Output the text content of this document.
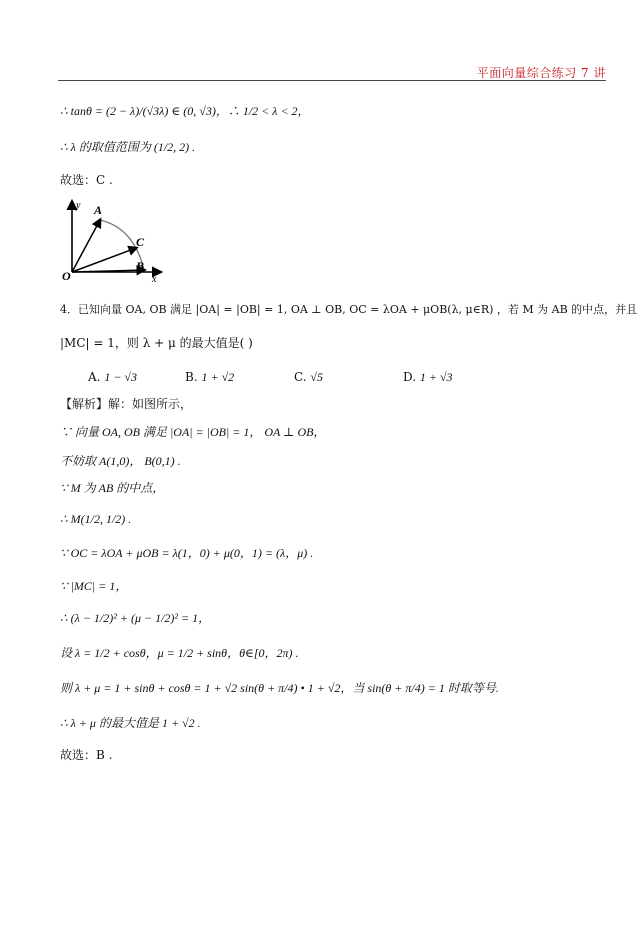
平面向量综合练习 7 讲
∴ tanθ = (2 − λ)/(√3λ) ∈ (0, √3)，∴ 1/2 < λ < 2，
∴ λ 的取值范围为 (1/2, 2) .
故选：C .
y
x
O
A
B
C
4．已知向量 OA, OB 满足 |OA| = |OB| = 1, OA ⊥ OB, OC = λOA + μOB(λ, μ∈R) ，若 M 为 AB 的中点，并且
|MC| = 1，则 λ + μ 的最大值是( )
A. 1 − √3	B. 1 + √2	C. √5	D. 1 + √3
【解析】解：如图所示，
∵ 向量 OA, OB 满足 |OA| = |OB| = 1， OA ⊥ OB，
不妨取 A(1,0)， B(0,1) .
∵ M 为 AB 的中点，
∴ M(1/2, 1/2) .
∵ OC = λOA + μOB = λ(1，0) + μ(0，1) = (λ，μ) .
∵ |MC| = 1，
∴ (λ − 1/2)² + (μ − 1/2)² = 1，
设 λ = 1/2 + cosθ，μ = 1/2 + sinθ，θ∈[0，2π) .
则 λ + μ = 1 + sinθ + cosθ = 1 + √2 sin(θ + π/4) • 1 + √2，当 sin(θ + π/4) = 1 时取等号.
∴ λ + μ 的最大值是 1 + √2 .
故选：B .
